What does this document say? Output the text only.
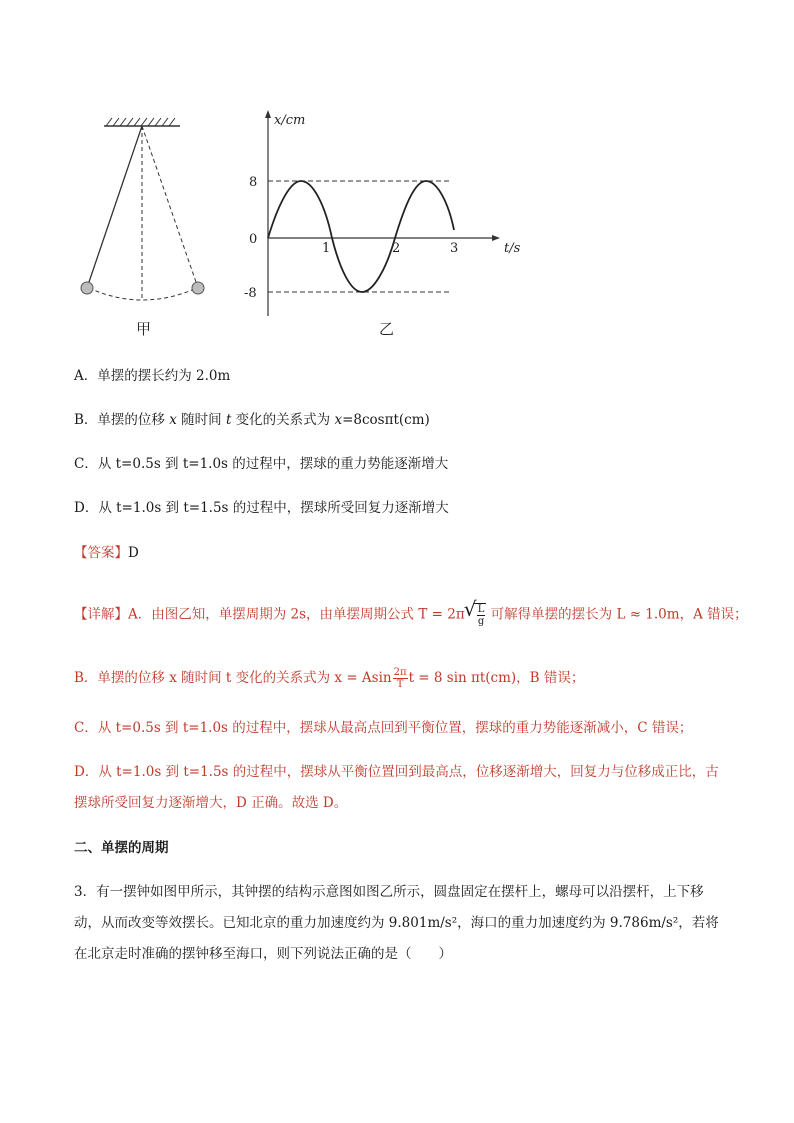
甲
x/cm
8
0
-8
1	2	3	t/s
乙
A．单摆的摆长约为 2.0m
B．单摆的位移 x 随时间 t 变化的关系式为 x=8cosπt(cm)
C．从 t=0.5s 到 t=1.0s 的过程中，摆球的重力势能逐渐增大
D．从 t=1.0s 到 t=1.5s 的过程中，摆球所受回复力逐渐增大
【答案】D
【详解】A．由图乙知，单摆周期为 2s，由单摆周期公式 T = 2π
√ $\frac{L}{g}$ 可解得单摆的摆长为 L ≈ 1.0m，A 错误；
B．单摆的位移 x 随时间 t 变化的关系式为 x = Asin $\frac{2\pi}{T}$ t = 8 sin πt(cm)，B 错误；
C．从 t=0.5s 到 t=1.0s 的过程中，摆球从最高点回到平衡位置，摆球的重力势能逐渐减小，C 错误；
D．从 t=1.0s 到 t=1.5s 的过程中，摆球从平衡位置回到最高点，位移逐渐增大，回复力与位移成正比，古
摆球所受回复力逐渐增大，D 正确。故选 D。
二、单摆的周期
3．有一摆钟如图甲所示，其钟摆的结构示意图如图乙所示，圆盘固定在摆杆上，螺母可以沿摆杆，上下移
动，从而改变等效摆长。已知北京的重力加速度约为 9.801m/s²，海口的重力加速度约为 9.786m/s²，若将
在北京走时准确的摆钟移至海口，则下列说法正确的是（　　）
